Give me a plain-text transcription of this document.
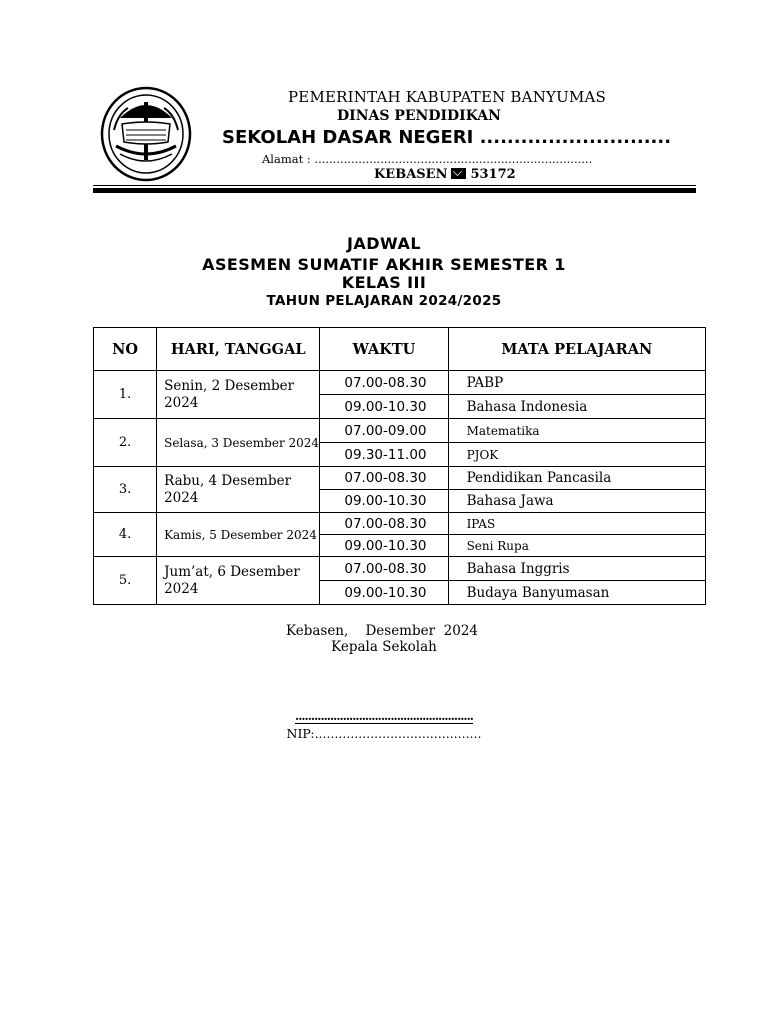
PEMERINTAH KABUPATEN BANYUMAS
DINAS PENDIDIKAN
SEKOLAH DASAR NEGERI ............................
Alamat : ............................................................................
KEBASEN 53172
JADWAL
ASESMEN SUMATIF AKHIR SEMESTER 1
KELAS III
TAHUN PELAJARAN 2024/2025
NO	HARI, TANGGAL	WAKTU	MATA PELAJARAN
1.	Senin, 2 Desember 2024	07.00-08.30	PABP
		09.00-10.30	Bahasa Indonesia
2.	Selasa, 3 Desember 2024	07.00-09.00	Matematika
		09.30-11.00	PJOK
3.	Rabu, 4 Desember 2024	07.00-08.30	Pendidikan Pancasila
		09.00-10.30	Bahasa Jawa
4.	Kamis, 5 Desember 2024	07.00-08.30	IPAS
		09.00-10.30	Seni Rupa
5.	Jum’at, 6 Desember 2024	07.00-08.30	Bahasa Inggris
		09.00-10.30	Budaya Banyumasan
Kebasen,    Desember  2024
Kepala Sekolah
........................................................
NIP:..........................................
